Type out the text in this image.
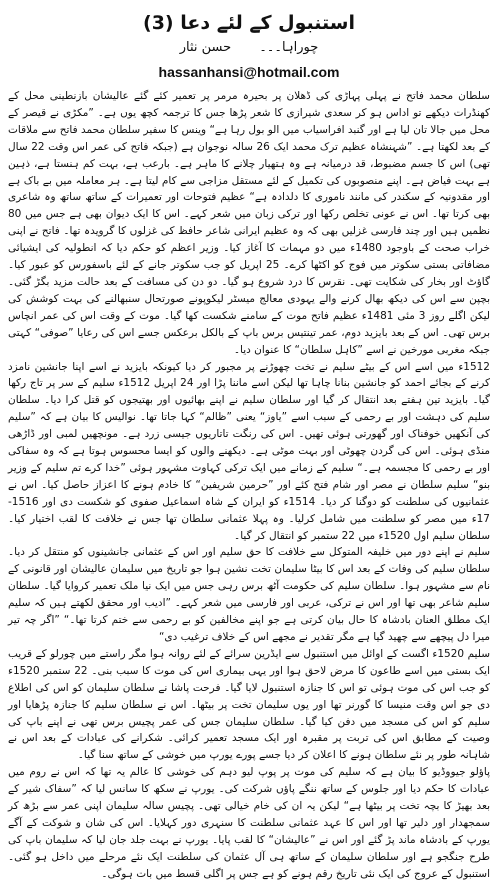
استنبول کے لئے دعا (3)
چوراہا۔۔۔
حسن نثار
hassanhansi@hotmail.com

سلطان محمد فاتح نے پہلی پہاڑی کی ڈھلان پر بحیرہ مرمر پر تعمیر کئے گئے عالیشان بازنطینی محل کے کھنڈرات دیکھے تو اداس ہو کر سعدی شیرازی کا شعر پڑھا جس کا ترجمہ کچھ یوں ہے۔ ”مکڑی نے قیصر کے محل میں جالا تان لیا ہے اور گنبد افراسیاب میں الو بول رہا ہے“ وینس کا سفیر سلطان محمد فاتح سے ملاقات کے بعد لکھتا ہے۔ ”شہنشاہ عظیم ترک محمد ایک 26 سالہ نوجوان ہے (جبکہ فاتح کی عمر اس وقت 22 سال تھی) اس کا جسم مضبوط، قد درمیانہ ہے وہ ہتھیار چلانے کا ماہر ہے۔ بارعب ہے، بہت کم ہنستا ہے، ذہین ہے بہت فیاض ہے۔ اپنے منصوبوں کی تکمیل کے لئے مستقل مزاجی سے کام لیتا ہے۔ ہر معاملہ میں بے باک ہے اور مقدونیہ کے سکندر کی مانند ناموری کا دلدادہ ہے“ عظیم فتوحات اور تعمیرات کے ساتھ ساتھ وہ شاعری بھی کرتا تھا۔ اس نے عونی تخلص رکھا اور ترکی زبان میں شعر کہے۔ اس کا ایک دیوان بھی ہے جس میں 80 نظمیں ہیں اور چند فارسی غزلیں بھی کہ وہ عظیم ایرانی شاعر حافظ کی غزلوں کا گرویدہ تھا۔ فاتح نے اپنی خراب صحت کے باوجود 1480ء میں دو مہمات کا آغاز کیا۔ وزیر اعظم کو حکم دیا کہ انطولیہ کی ایشیائی مضافاتی بستی سکوتر میں فوج کو اکٹھا کرے۔ 25 اپریل کو جب سکوتر جانے کے لئے باسفورس کو عبور کیا۔ گاؤٹ اور بخار کی شکایت تھی۔ نقرس کا درد شروع ہو گیا۔ دو دن کی مسافت کے بعد حالت مزید بگڑ گئی۔ بچپن سے اس کی دیکھ بھال کرنے والے یہودی معالج میسٹر لیکوپونے صورتحال سنبھالنے کی بہت کوشش کی لیکن اگلے روز 3 مئی 1481ء عظیم فاتح موت کے سامنے شکست کھا گیا۔ موت کے وقت اس کی عمر انچاس برس تھی۔ اس کے بعد بایزید دوم، عمر تینتیس برس باپ کے بالکل برعکس جسے اس کی رعایا ”صوفی“ کہتی جبکہ مغربی مورخین نے اسے ”کاہل سلطان“ کا عنوان دیا۔

1512ء میں اسے اس کے بیٹے سلیم نے تخت چھوڑنے پر مجبور کر دیا کیونکہ بایزید نے اسے اپنا جانشین نامزد کرنے کے بجائے احمد کو جانشین بنانا چاہا تھا لیکن اسے ماننا پڑا اور 24 اپریل 1512ء سلیم کے سر پر تاج رکھا گیا۔ بایزید تین ہفتے بعد انتقال کر گیا اور سلطان سلیم نے اپنے بھائیوں اور بھتیجوں کو قتل کرا دیا۔ سلطان سلیم کی دہشت اور بے رحمی کے سبب اسے ”یاوز“ یعنی ”ظالم“ کہا جاتا تھا۔ نوالیس کا بیان ہے کہ ”سلیم کی آنکھیں خوفناک اور گھورتی ہوئی تھیں۔ اس کی رنگت تاتاریوں جیسی زرد ہے۔ مونچھیں لمبی اور ڈاڑھی منڈی ہوئی۔ اس کی گردن چھوٹی اور بہت موٹی ہے۔ دیکھنے والوں کو ایسا محسوس ہوتا ہے کہ وہ سفاکی اور بے رحمی کا مجسمہ ہے۔“ سلیم کے زمانے میں ایک ترکی کہاوت مشہور ہوئی ”خدا کرے تم سلیم کے وزیر بنو“ سلیم سلطان نے مصر اور شام فتح کئے اور ”حرمین شریفین“ کا خادم ہونے کا اعزاز حاصل کیا۔ اس نے عثمانیوں کی سلطنت کو دوگنا کر دیا۔ 1514ء کو ایران کے شاہ اسماعیل صفوی کو شکست دی اور 1516-17ء میں مصر کو سلطنت میں شامل کرلیا۔ وہ پہلا عثمانی سلطان تھا جس نے خلافت کا لقب اختیار کیا۔ سلطان سلیم اول 1520ء میں 22 ستمبر کو انتقال کر گیا۔

سلیم نے اپنے دور میں خلیفہ المتوکل سے خلافت کا حق سلیم اور اس کے عثمانی جانشینوں کو منتقل کر دیا۔ سلطان سلیم کی وفات کے بعد اس کا بیٹا سلیمان تخت نشین ہوا جو تاریخ میں سلیمان عالیشان اور قانونی کے نام سے مشہور ہوا۔ سلطان سلیم کی حکومت آٹھ برس رہی جس میں ایک نیا ملک تعمیر کروایا گیا۔ سلطان سلیم شاعر بھی تھا اور اس نے ترکی، عربی اور فارسی میں شعر کہے۔ ”ادیب اور محقق لکھتے ہیں کہ سلیم ایک مطلق العنان بادشاہ کا حال بیان کرتی ہے جو اپنے مخالفین کو بے رحمی سے ختم کرتا تھا۔“ ”اگر چہ تیر میرا دل پیچھے سے چھید گیا ہے مگر تقدیر نے مجھے اس کے خلاف ترغیب دی“

سلیم 1520ء اگست کے اوائل میں استنبول سے ایڈرین سرائے کے لئے روانہ ہوا مگر راستے میں چورلو کے قریب ایک بستی میں اسے طاعون کا مرض لاحق ہوا اور یہی بیماری اس کی موت کا سبب بنی۔ 22 ستمبر 1520ء کو جب اس کی موت ہوئی تو اس کا جنازہ استنبول لایا گیا۔ فرحت پاشا نے سلطان سلیمان کو اس کی اطلاع دی جو اس وقت منیسا کا گورنر تھا اور یوں سلیمان تخت پر بیٹھا۔ اس نے سلطان سلیم کا جنازہ پڑھایا اور سلیم کو اس کی مسجد میں دفن کیا گیا۔ سلطان سلیمان جس کی عمر پچیس برس تھی نے اپنے باپ کی وصیت کے مطابق اس کی تربت پر مقبرہ اور ایک مسجد تعمیر کرائی۔ شکرانے کی عبادات کے بعد اس نے شاہانہ طور پر نئے سلطان ہونے کا اعلان کر دیا جسے پورے یورپ میں خوشی کے ساتھ سنا گیا۔

پاؤلو جیووڈیو کا بیان ہے کہ سلیم کی موت پر پوپ لیو دہم کی خوشی کا عالم یہ تھا کہ اس نے روم میں عبادات کا حکم دیا اور جلوس کے ساتھ ننگے پاؤں شرکت کی۔ یورپ نے سکھ کا سانس لیا کہ ”سفاک شیر کے بعد بھیڑ کا بچہ تخت پر بیٹھا ہے“ لیکن یہ ان کی خام خیالی تھی۔ پچیس سالہ سلیمان اپنی عمر سے بڑھ کر سمجھدار اور دلیر تھا اور اس کا عہد عثمانی سلطنت کا سنہری دور کہلایا۔ اس کی شان و شوکت کے آگے یورپ کے بادشاہ ماند پڑ گئے اور اس نے ”عالیشان“ کا لقب پایا۔ یورپ نے بہت جلد جان لیا کہ سلیمان باپ کی طرح جنگجو ہے اور سلطان سلیمان کے ساتھ ہی آل عثمان کی سلطنت ایک نئے مرحلے میں داخل ہو گئی۔ استنبول کے عروج کی ایک نئی تاریخ رقم ہونے کو ہے جس پر اگلی قسط میں بات ہوگی۔
